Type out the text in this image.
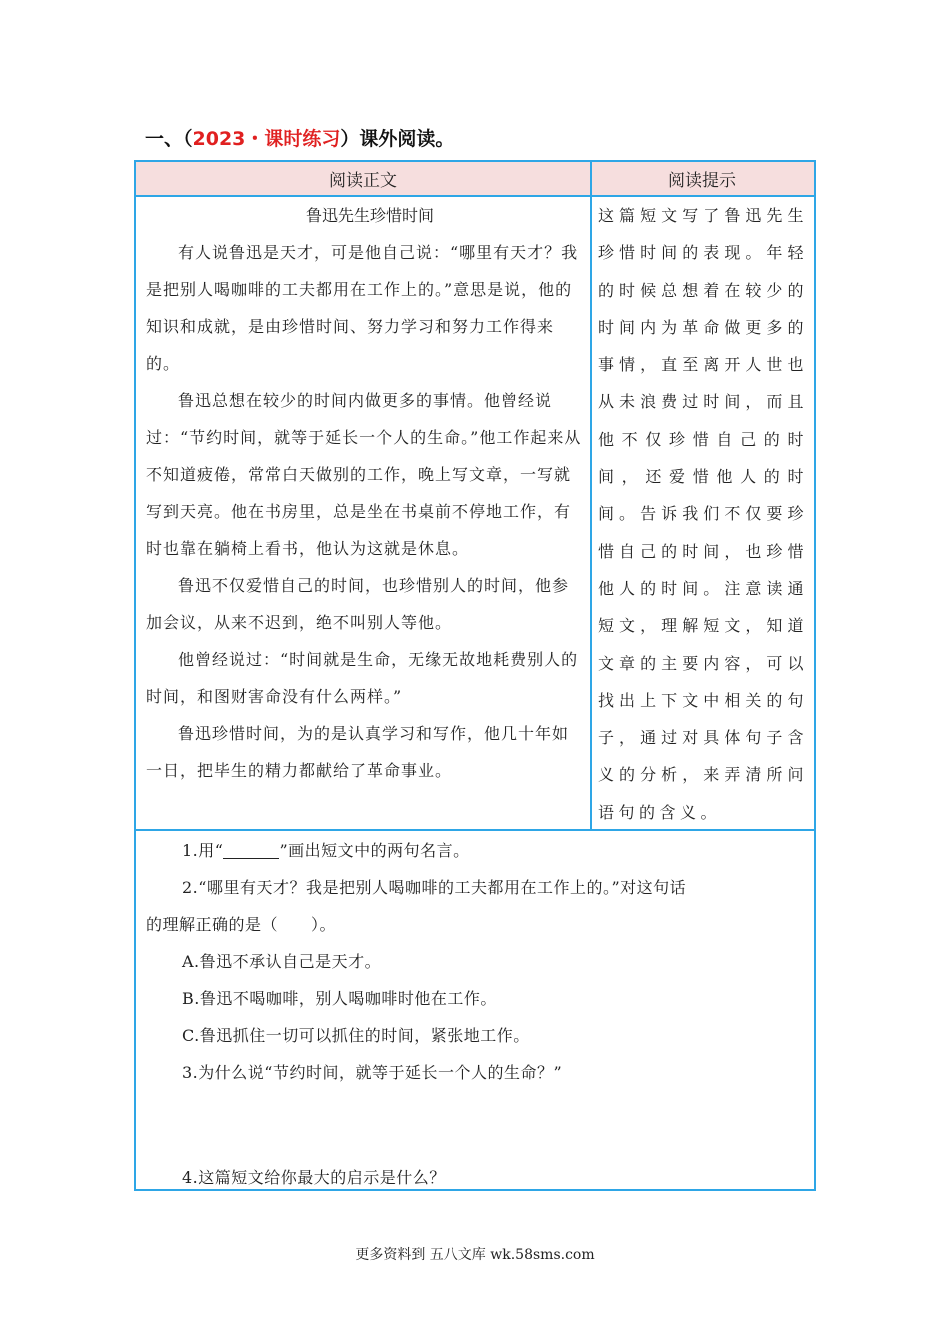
一、（2023・课时练习）课外阅读。
阅读正文	阅读提示
鲁迅先生珍惜时间

有人说鲁迅是天才，可是他自己说：“哪里有天才？我是把别人喝咖啡的工夫都用在工作上的。”意思是说，他的知识和成就，是由珍惜时间、努力学习和努力工作得来的。

鲁迅总想在较少的时间内做更多的事情。他曾经说过：“节约时间，就等于延长一个人的生命。”他工作起来从不知道疲倦，常常白天做别的工作，晚上写文章，一写就写到天亮。他在书房里，总是坐在书桌前不停地工作，有时也靠在躺椅上看书，他认为这就是休息。

鲁迅不仅爱惜自己的时间，也珍惜别人的时间，他参加会议，从来不迟到，绝不叫别人等他。

他曾经说过：“时间就是生命，无缘无故地耗费别人的时间，和图财害命没有什么两样。”

鲁迅珍惜时间，为的是认真学习和写作，他几十年如一日，把毕生的精力都献给了革命事业。

这篇短文写了鲁迅先生珍惜时间的表现。年轻的时候总想着在较少的时间内为革命做更多的事情，直至离开人世也从未浪费过时间，而且他不仅珍惜自己的时间，还爱惜他人的时间。告诉我们不仅要珍惜自己的时间，也珍惜他人的时间。注意读通短文，理解短文，知道文章的主要内容，可以找出上下文中相关的句子，通过对具体句子含义的分析，来弄清所问语句的含义。

1.用“	”画出短文中的两句名言。

2.“哪里有天才？我是把别人喝咖啡的工夫都用在工作上的。”对这句话

的理解正确的是（　　）。

A.鲁迅不承认自己是天才。

B.鲁迅不喝咖啡，别人喝咖啡时他在工作。

C.鲁迅抓住一切可以抓住的时间，紧张地工作。

3.为什么说“节约时间，就等于延长一个人的生命？”

4.这篇短文给你最大的启示是什么？

更多资料到 五八文库 wk.58sms.com
